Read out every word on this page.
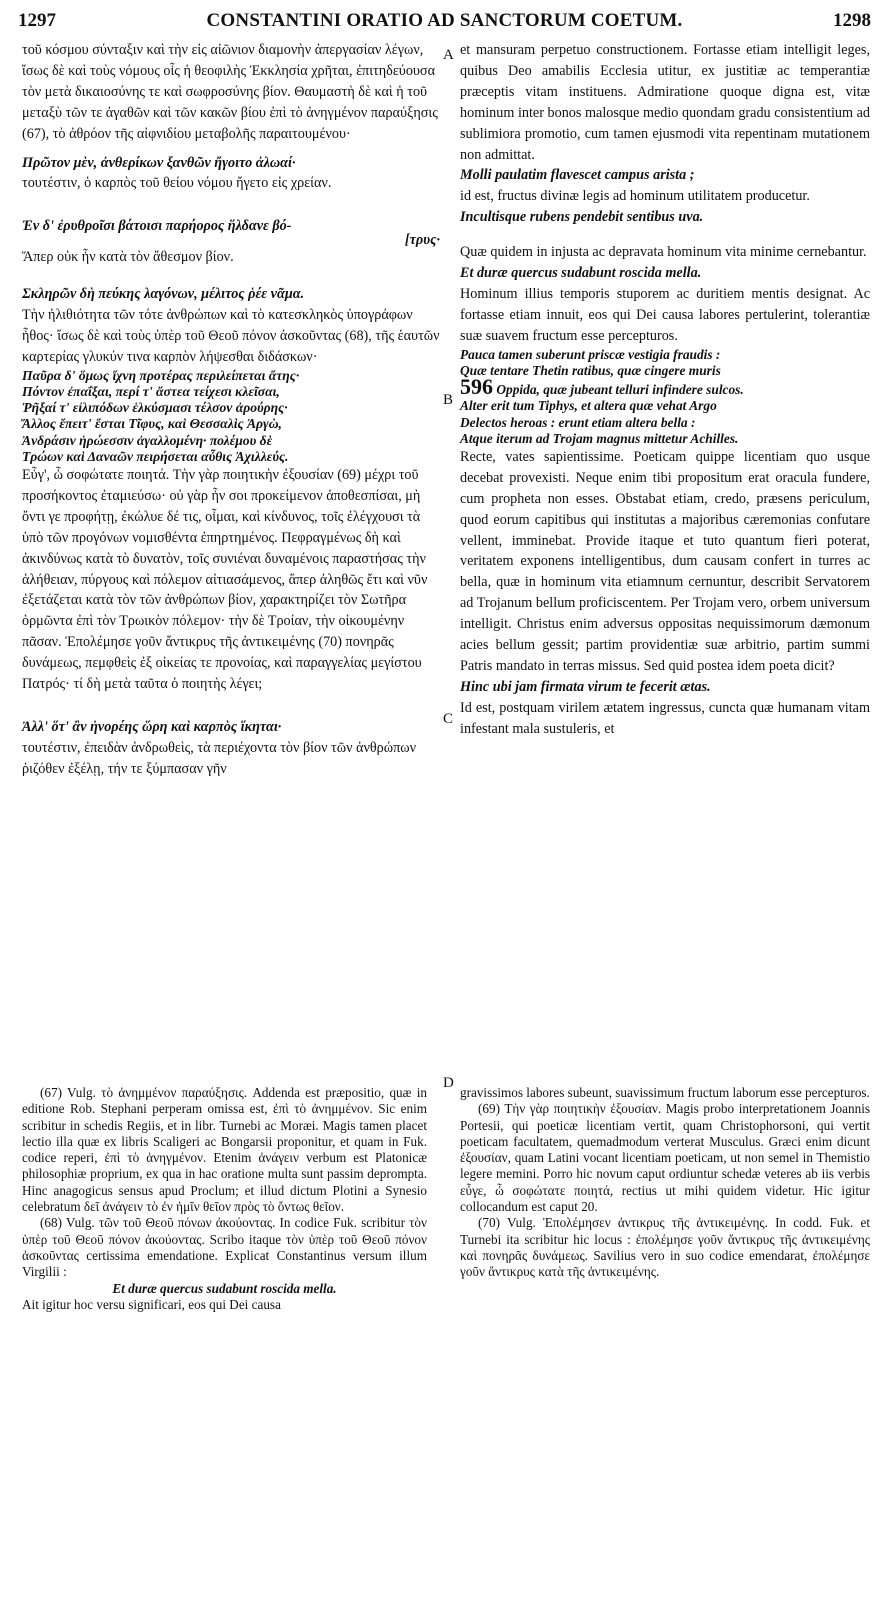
1297	CONSTANTINI ORATIO AD SANCTORUM COETUM.	1298
A
B
C
D

τοῦ κόσμου σύνταξιν καὶ τὴν εἰς αἰῶνιον διαμονὴν ἀπεργασίαν λέγων, ἴσως δὲ καὶ τοὺς νόμους οἷς ἡ θεοφιλὴς Ἐκκλησία χρῆται, ἐπιτηδεύουσα τὸν μετὰ δικαιοσύνης τε καὶ σωφροσύνης βίον. Θαυμαστὴ δὲ καὶ ἡ τοῦ μεταξὺ τῶν τε ἀγαθῶν καὶ τῶν κακῶν βίου ἐπὶ τὸ ἀνηγμένον παραύξησις (67), τὸ ἀθρόον τῆς αἰφνιδίου μεταβολῆς παραιτουμένου·

Πρῶτον μὲν, ἀνθερίκων ξανθῶν ἤγοιτο ἀλωαί·

τουτέστιν, ὁ καρπὸς τοῦ θείου νόμου ἤγετο εἰς χρείαν.

Ἐν δ' ἐρυθροῖσι βάτοισι παρήορος ἥλδανε βό-

[τρυς·

Ἅπερ οὐκ ἦν κατὰ τὸν ἄθεσμον βίον.

Σκληρῶν δὴ πεύκης λαγόνων, μέλιτος ῥέε νᾶμα.

Τὴν ἠλιθιότητα τῶν τότε ἀνθρώπων καὶ τὸ κατεσκληκὸς ὑπογράφων ἦθος· ἴσως δὲ καὶ τοὺς ὑπὲρ τοῦ Θεοῦ πόνον ἀσκοῦντας (68), τῆς ἑαυτῶν καρτερίας γλυκύν τινα καρπὸν λήψεσθαι διδάσκων·

Παῦρα δ' ὅμως ἴχνη προτέρας περιλείπεται ἄτης·
Πόντον ἐπαΐξαι, περί τ' ἄστεα τείχεσι κλεῖσαι,
Ῥῆξαί τ' εἰλιπόδων ἑλκύσμασι τέλσον ἀρούρης·
Ἄλλος ἔπειτ' ἔσται Τῖφυς, καὶ Θεσσαλὶς Ἀργὼ,
Ἀνδράσιν ἡρώεσσιν ἀγαλλομένη· πολέμου δὲ
Τρώων καὶ Δαναῶν πειρήσεται αὖθις Ἀχιλλεύς.

Εὖγ', ὦ σοφώτατε ποιητά. Τὴν γὰρ ποιητικὴν ἐξουσίαν (69) μέχρι τοῦ προσήκοντος ἐταμιεύσω· οὐ γὰρ ἦν σοι προκείμενον ἀποθεσπίσαι, μὴ ὄντι γε προφήτῃ, ἐκώλυε δέ τις, οἶμαι, καὶ κίνδυνος, τοῖς ἐλέγχουσι τὰ ὑπὸ τῶν προγόνων νομισθέντα ἐπηρτημένος. Πεφραγμένως δὴ καὶ ἀκινδύνως κατὰ τὸ δυνατὸν, τοῖς συνιέναι δυναμένοις παραστήσας τὴν ἀλήθειαν, πύργους καὶ πόλεμον αἰτιασάμενος, ἅπερ ἀληθῶς ἔτι καὶ νῦν ἐξετάζεται κατὰ τὸν τῶν ἀνθρώπων βίον, χαρακτηρίζει τὸν Σωτῆρα ὁρμῶντα ἐπὶ τὸν Τρωικὸν πόλεμον· τὴν δὲ Τροίαν, τὴν οἰκουμένην πᾶσαν. Ἐπολέμησε γοῦν ἄντικρυς τῆς ἀντικειμένης (70) πονηρᾶς δυνάμεως, πεμφθεὶς ἐξ οἰκείας τε προνοίας, καὶ παραγγελίας μεγίστου Πατρός· τί δὴ μετὰ ταῦτα ὁ ποιητὴς λέγει;

Ἀλλ' ὅτ' ἂν ἠνορέης ὥρη καὶ καρπὸς ἵκηται·

τουτέστιν, ἐπειδὰν ἀνδρωθεὶς, τὰ περιέχοντα τὸν βίον τῶν ἀνθρώπων ῥιζόθεν ἐξέλῃ, τήν τε ξύμπασαν γῆν

et mansuram perpetuo constructionem. Fortasse etiam intelligit leges, quibus Deo amabilis Ecclesia utitur, ex justitiæ ac temperantiæ præceptis vitam instituens. Admiratione quoque digna est, vitæ hominum inter bonos malosque medio quondam gradu consistentium ad sublimiora promotio, cum tamen ejusmodi vita repentinam mutationem non admittat.

Molli paulatim flavescet campus arista ;

id est, fructus divinæ legis ad hominum utilitatem producetur.

Incultisque rubens pendebit sentibus uva.

Quæ quidem in injusta ac depravata hominum vita minime cernebantur.

Et duræ quercus sudabunt roscida mella.

Hominum illius temporis stuporem ac duritiem mentis designat. Ac fortasse etiam innuit, eos qui Dei causa labores pertulerint, tolerantiæ suæ suavem fructum esse percepturos.

Pauca tamen suberunt priscæ vestigia fraudis :
Quæ tentare Thetin ratibus, quæ cingere muris
596 Oppida, quæ jubeant telluri infindere sulcos.
Alter erit tum Tiphys, et altera quæ vehat Argo
Delectos heroas : erunt etiam altera bella :
Atque iterum ad Trojam magnus mittetur Achilles.

Recte, vates sapientissime. Poeticam quippe licentiam quo usque decebat provexisti. Neque enim tibi propositum erat oracula fundere, cum propheta non esses. Obstabat etiam, credo, præsens periculum, quod eorum capitibus qui institutas a majoribus cæremonias confutare vellent, imminebat. Provide itaque et tuto quantum fieri poterat, veritatem exponens intelligentibus, dum causam confert in turres ac bella, quæ in hominum vita etiamnum cernuntur, describit Servatorem ad Trojanum bellum proficiscentem. Per Trojam vero, orbem universum intelligit. Christus enim adversus oppositas nequissimorum dæmonum acies bellum gessit; partim providentiæ suæ arbitrio, partim summi Patris mandato in terras missus. Sed quid postea idem poeta dicit?

Hinc ubi jam firmata virum te fecerit ætas.

Id est, postquam virilem ætatem ingressus, cuncta quæ humanam vitam infestant mala sustuleris, et

(67) Vulg. τὸ ἀνημμένον παραύξησις. Addenda est præpositio, quæ in editione Rob. Stephani perperam omissa est, ἐπὶ τὸ ἀνημμένον. Sic enim scribitur in schedis Regiis, et in libr. Turnebi ac Moræi. Magis tamen placet lectio illa quæ ex libris Scaligeri ac Bongarsii proponitur, et quam in Fuk. codice reperi, ἐπὶ τὸ ἀνηγμένον. Etenim ἀνάγειν verbum est Platonicæ philosophiæ proprium, ex qua in hac oratione multa sunt passim deprompta. Hinc anagogicus sensus apud Proclum; et illud dictum Plotini a Synesio celebratum δεῖ ἀνάγειν τὸ ἐν ἡμῖν θεῖον πρὸς τὸ ὄντως θεῖον.

(68) Vulg. τῶν τοῦ Θεοῦ πόνων ἀκούοντας. In codice Fuk. scribitur τὸν ὑπὲρ τοῦ Θεοῦ πόνον ἀκούοντας. Scribo itaque τὸν ὑπὲρ τοῦ Θεοῦ πόνον ἀσκοῦντας certissima emendatione. Explicat Constantinus versum illum Virgilii :

Et duræ quercus sudabunt roscida mella.

Ait igitur hoc versu significari, eos qui Dei causa

gravissimos labores subeunt, suavissimum fructum laborum esse percepturos.

(69) Τὴν γὰρ ποιητικὴν ἐξουσίαν. Magis probo interpretationem Joannis Portesii, qui poeticæ licentiam vertit, quam Christophorsoni, qui vertit poeticam facultatem, quemadmodum verterat Musculus. Græci enim dicunt ἐξουσίαν, quam Latini vocant licentiam poeticam, ut non semel in Themistio legere memini. Porro hic novum caput ordiuntur schedæ veteres ab iis verbis εὖγε, ὦ σοφώτατε ποιητά, rectius ut mihi quidem videtur. Hic igitur collocandum est caput 20.

(70) Vulg. Ἐπολέμησεν ἀντικρυς τῆς ἀντικειμένης. In codd. Fuk. et Turnebi ita scribitur hic locus : ἐπολέμησε γοῦν ἄντικρυς τῆς ἀντικειμένης καὶ πονηρᾶς δυνάμεως. Savilius vero in suo codice emendarat, ἐπολέμησε γοῦν ἄντικρυς κατὰ τῆς ἀντικειμένης.
